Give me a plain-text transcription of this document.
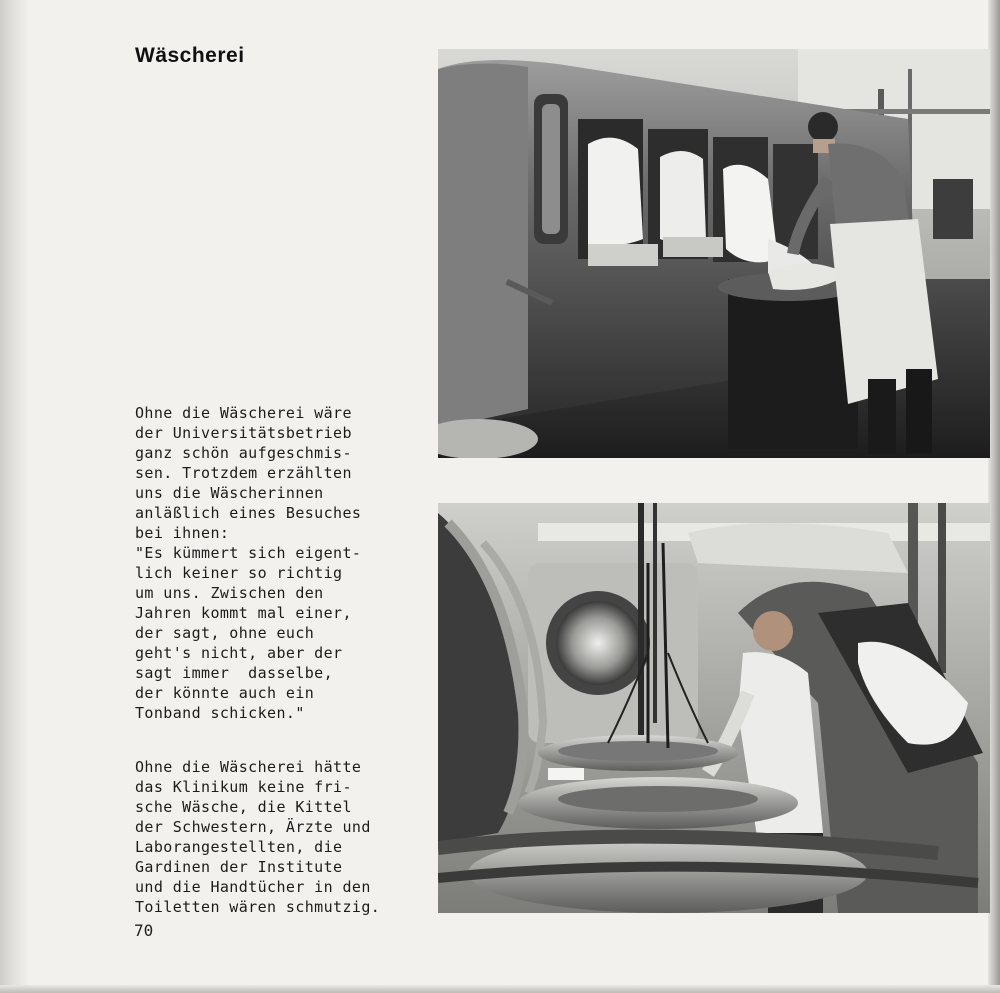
Wäscherei

Ohne die Wäscherei wäre
der Universitätsbetrieb
ganz schön aufgeschmis-
sen. Trotzdem erzählten
uns die Wäscherinnen
anläßlich eines Besuches
bei ihnen:
"Es kümmert sich eigent-
lich keiner so richtig
um uns. Zwischen den
Jahren kommt mal einer,
der sagt, ohne euch
geht's nicht, aber der
sagt immer  dasselbe,
der könnte auch ein
Tonband schicken."

Ohne die Wäscherei hätte
das Klinikum keine fri-
sche Wäsche, die Kittel
der Schwestern, Ärzte und
Laborangestellten, die
Gardinen der Institute
und die Handtücher in den
Toiletten wären schmutzig.

70
